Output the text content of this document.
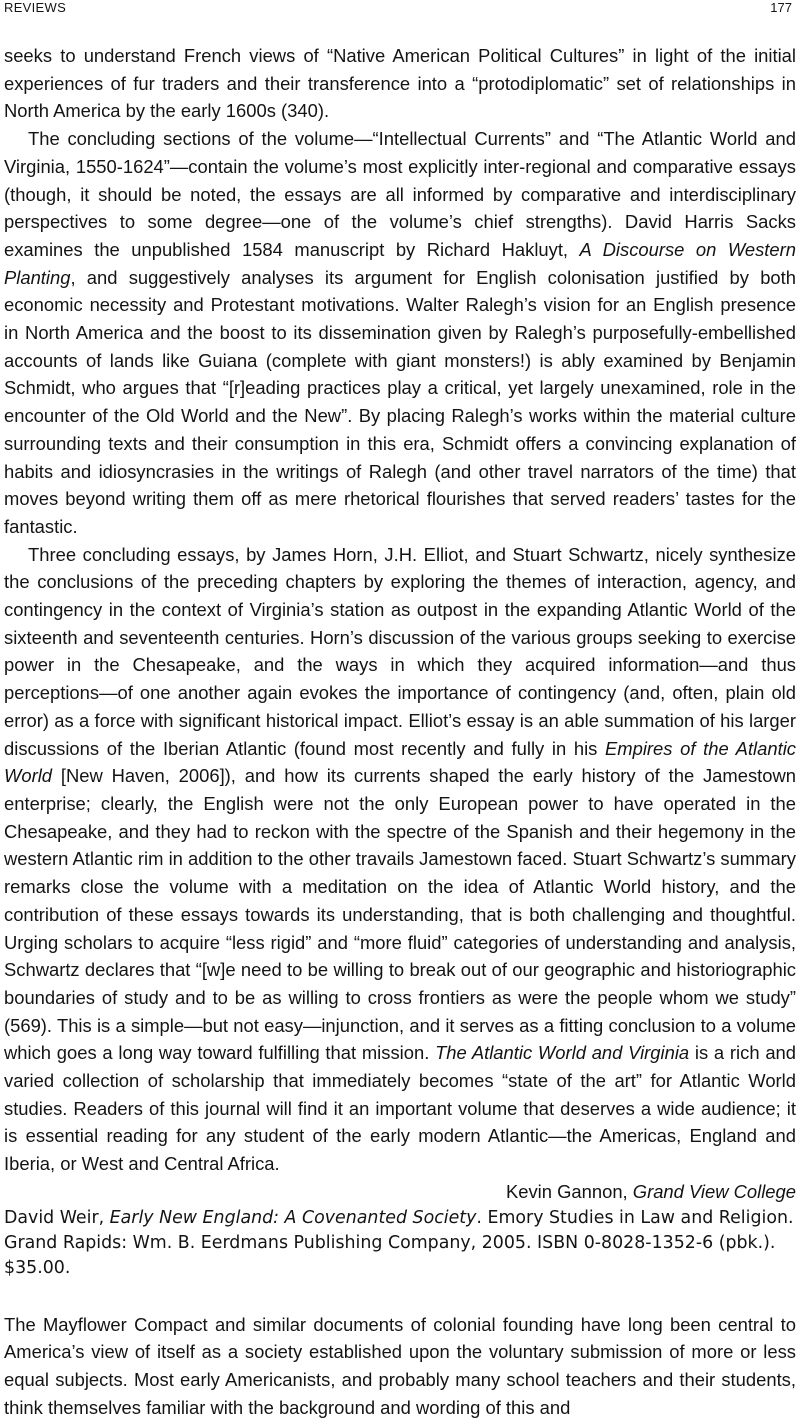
REVIEWS	177

seeks to understand French views of “Native American Political Cultures” in light of the initial experiences of fur traders and their transference into a “protodiplomatic” set of relationships in North America by the early 1600s (340).

The concluding sections of the volume—“Intellectual Currents” and “The Atlantic World and Virginia, 1550-1624”—contain the volume’s most explicitly inter-regional and comparative essays (though, it should be noted, the essays are all informed by comparative and interdisciplinary perspectives to some degree—one of the volume’s chief strengths). David Harris Sacks examines the unpublished 1584 manuscript by Richard Hakluyt, A Discourse on Western Planting, and suggestively analyses its argument for English colonisation justified by both economic necessity and Protestant motivations. Walter Ralegh’s vision for an English presence in North America and the boost to its dissemination given by Ralegh’s purposefully-embellished accounts of lands like Guiana (complete with giant monsters!) is ably examined by Benjamin Schmidt, who argues that “[r]eading practices play a critical, yet largely unexamined, role in the encounter of the Old World and the New”. By placing Ralegh’s works within the material culture surrounding texts and their consumption in this era, Schmidt offers a convincing explanation of habits and idiosyncrasies in the writings of Ralegh (and other travel narrators of the time) that moves beyond writing them off as mere rhetorical flourishes that served readers’ tastes for the fantastic.

Three concluding essays, by James Horn, J.H. Elliot, and Stuart Schwartz, nicely synthesize the conclusions of the preceding chapters by exploring the themes of interaction, agency, and contingency in the context of Virginia’s station as outpost in the expanding Atlantic World of the sixteenth and seventeenth centuries. Horn’s discussion of the various groups seeking to exercise power in the Chesapeake, and the ways in which they acquired information—and thus perceptions—of one another again evokes the importance of contingency (and, often, plain old error) as a force with significant historical impact. Elliot’s essay is an able summation of his larger discussions of the Iberian Atlantic (found most recently and fully in his Empires of the Atlantic World [New Haven, 2006]), and how its currents shaped the early history of the Jamestown enterprise; clearly, the English were not the only European power to have operated in the Chesapeake, and they had to reckon with the spectre of the Spanish and their hegemony in the western Atlantic rim in addition to the other travails Jamestown faced. Stuart Schwartz’s summary remarks close the volume with a meditation on the idea of Atlantic World history, and the contribution of these essays towards its understanding, that is both challenging and thoughtful. Urging scholars to acquire “less rigid” and “more fluid” categories of understanding and analysis, Schwartz declares that “[w]e need to be willing to break out of our geographic and historiographic boundaries of study and to be as willing to cross frontiers as were the people whom we study” (569). This is a simple—but not easy—injunction, and it serves as a fitting conclusion to a volume which goes a long way toward fulfilling that mission. The Atlantic World and Virginia is a rich and varied collection of scholarship that immediately becomes “state of the art” for Atlantic World studies. Readers of this journal will find it an important volume that deserves a wide audience; it is essential reading for any student of the early modern Atlantic—the Americas, England and Iberia, or West and Central Africa.

Kevin Gannon, Grand View College

David Weir, Early New England: A Covenanted Society. Emory Studies in Law and Religion. Grand Rapids: Wm. B. Eerdmans Publishing Company, 2005. ISBN 0-8028-1352-6 (pbk.). $35.00.

The Mayflower Compact and similar documents of colonial founding have long been central to America’s view of itself as a society established upon the voluntary submission of more or less equal subjects. Most early Americanists, and probably many school teachers and their students, think themselves familiar with the background and wording of this and
